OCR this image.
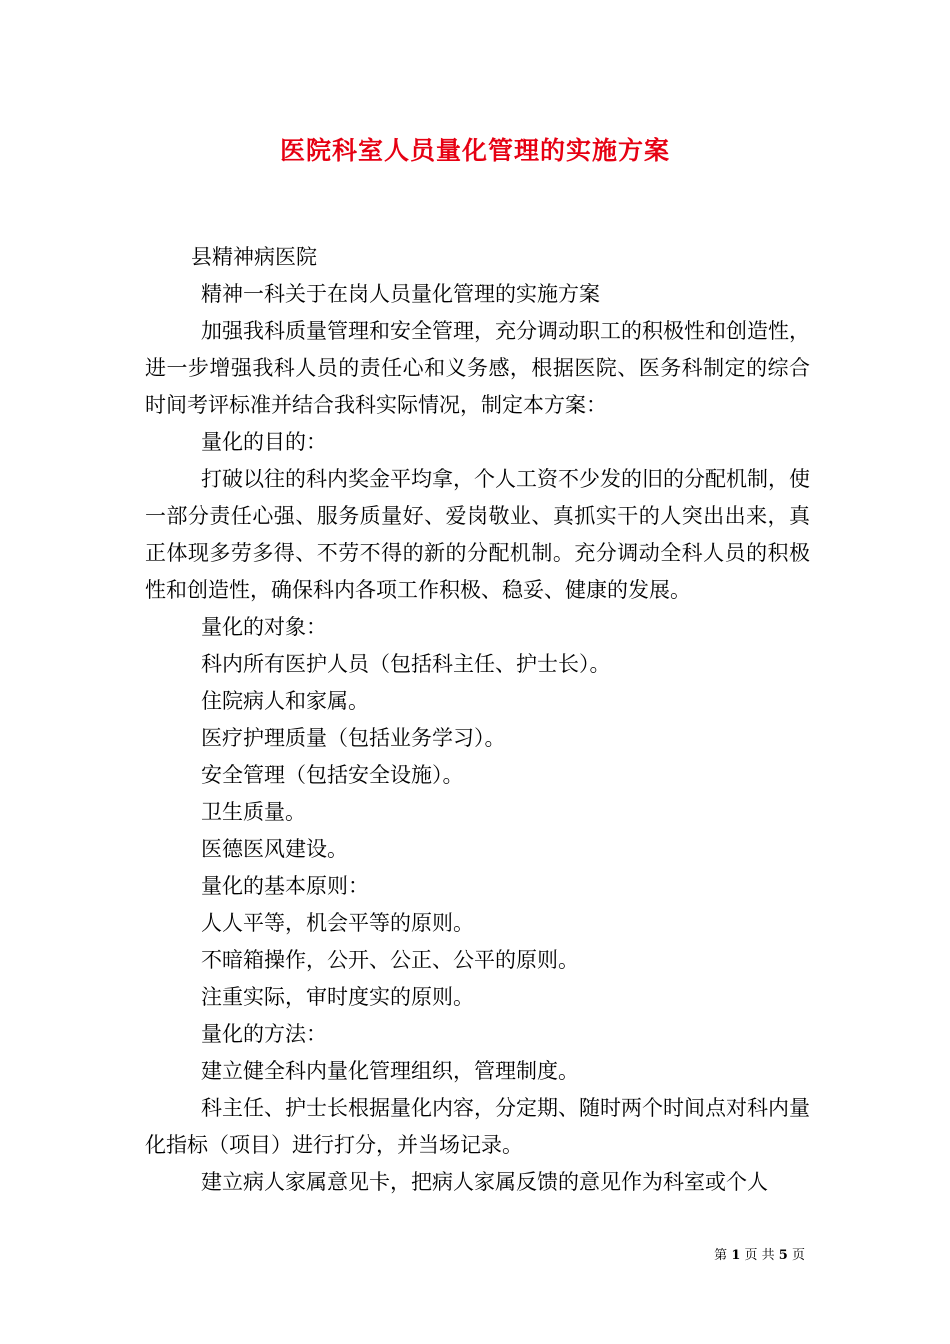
医院科室人员量化管理的实施方案

县精神病医院

精神一科关于在岗人员量化管理的实施方案

加强我科质量管理和安全管理，充分调动职工的积极性和创造性，进一步增强我科人员的责任心和义务感，根据医院、医务科制定的综合时间考评标准并结合我科实际情况，制定本方案：

量化的目的：

打破以往的科内奖金平均拿，个人工资不少发的旧的分配机制，使一部分责任心强、服务质量好、爱岗敬业、真抓实干的人突出出来，真正体现多劳多得、不劳不得的新的分配机制。充分调动全科人员的积极性和创造性，确保科内各项工作积极、稳妥、健康的发展。

量化的对象：

科内所有医护人员（包括科主任、护士长）。

住院病人和家属。

医疗护理质量（包括业务学习）。

安全管理（包括安全设施）。

卫生质量。

医德医风建设。

量化的基本原则：

人人平等，机会平等的原则。

不暗箱操作，公开、公正、公平的原则。

注重实际，审时度实的原则。

量化的方法：

建立健全科内量化管理组织，管理制度。

科主任、护士长根据量化内容，分定期、随时两个时间点对科内量化指标（项目）进行打分，并当场记录。

建立病人家属意见卡，把病人家属反馈的意见作为科室或个人

第 1 页 共 5 页
